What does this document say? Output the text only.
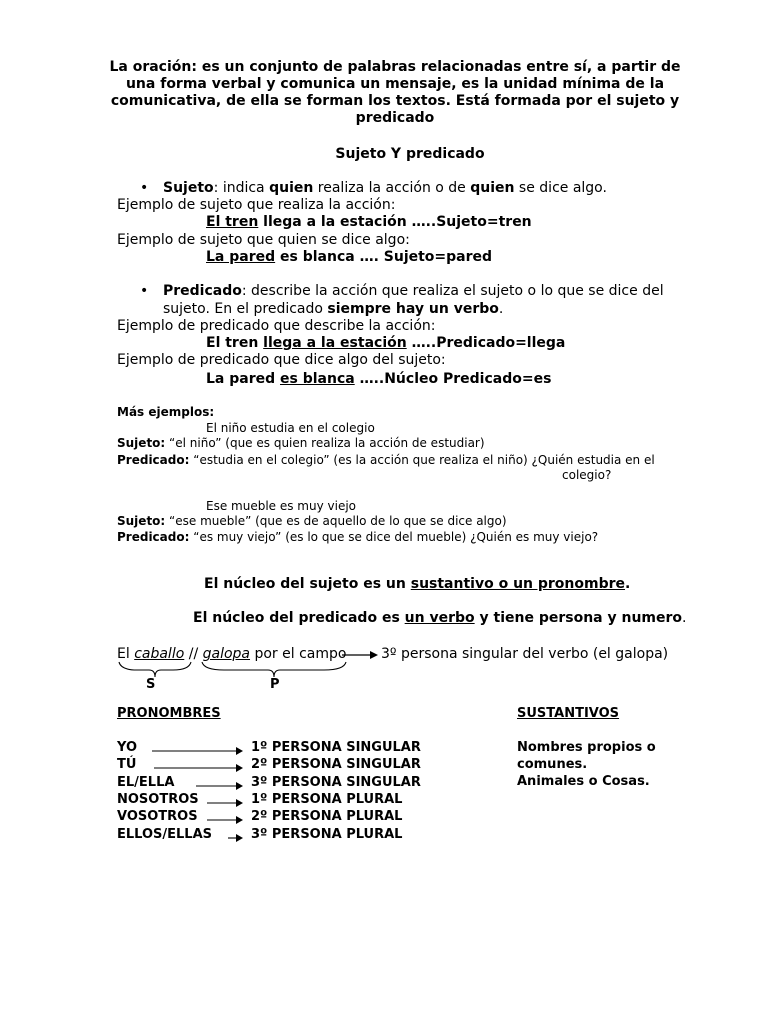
La oración: es un conjunto de palabras relacionadas entre sí, a partir de
una forma verbal y comunica un mensaje, es la unidad mínima de la
comunicativa, de ella se forman los textos. Está formada por el sujeto y
predicado
Sujeto Y predicado
• Sujeto: indica quien realiza la acción o de quien se dice algo.
Ejemplo de sujeto que realiza la acción:
El tren llega a la estación …..Sujeto=tren
Ejemplo de sujeto que quien se dice algo:
La pared es blanca …. Sujeto=pared
• Predicado: describe la acción que realiza el sujeto o lo que se dice del
sujeto. En el predicado siempre hay un verbo.
Ejemplo de predicado que describe la acción:
El tren llega a la estación …..Predicado=llega
Ejemplo de predicado que dice algo del sujeto:
La pared es blanca …..Núcleo Predicado=es
Más ejemplos:
El niño estudia en el colegio
Sujeto: “el niño” (que es quien realiza la acción de estudiar)
Predicado: “estudia en el colegio” (es la acción que realiza el niño) ¿Quién estudia en el
colegio?
Ese mueble es muy viejo
Sujeto: “ese mueble” (que es de aquello de lo que se dice algo)
Predicado: “es muy viejo” (es lo que se dice del mueble) ¿Quién es muy viejo?
El núcleo del sujeto es un sustantivo o un pronombre.
El núcleo del predicado es un verbo y tiene persona y numero.
El caballo // galopa por el campo 3º persona singular del verbo (el galopa)
S	P
PRONOMBRES
YO	1º PERSONA SINGULAR
TÚ	2º PERSONA SINGULAR
EL/ELLA	3º PERSONA SINGULAR
NOSOTROS	1º PERSONA PLURAL
VOSOTROS	2º PERSONA PLURAL
ELLOS/ELLAS	3º PERSONA PLURAL
SUSTANTIVOS
Nombres propios o
comunes.
Animales o Cosas.
